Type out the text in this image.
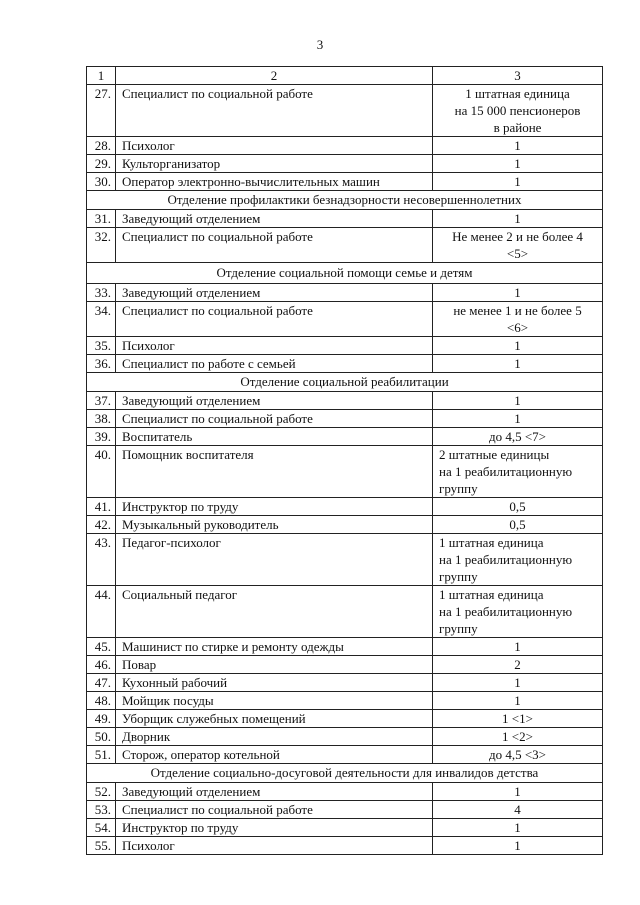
3
1	2	3
27.	Специалист по социальной работе	1 штатная единица
на 15 000 пенсионеров
в районе

28.	Психолог	1

29.	Культорганизатор	1

30.	Оператор электронно-вычислительных машин	1

Отделение профилактики безнадзорности несовершеннолетних		
31.	Заведующий отделением	1

32.	Специалист по социальной работе	Не менее 2 и не более 4
<5>

Отделение социальной помощи семье и детям		
33.	Заведующий отделением	1

34.	Специалист по социальной работе	не менее 1 и не более 5
<6>

35.	Психолог	1

36.	Специалист по работе с семьей	1

Отделение социальной реабилитации		
37.	Заведующий отделением	1

38.	Специалист по социальной работе	1

39.	Воспитатель	до 4,5 <7>

40.	Помощник воспитателя	2 штатные единицы
на 1 реабилитационную
группу

41.	Инструктор по труду	0,5

42.	Музыкальный руководитель	0,5

43.	Педагог-психолог	1 штатная единица
на 1 реабилитационную
группу

44.	Социальный педагог	1 штатная единица
на 1 реабилитационную
группу

45.	Машинист по стирке и ремонту одежды	1

46.	Повар	2

47.	Кухонный рабочий	1

48.	Мойщик посуды	1

49.	Уборщик служебных помещений	1 <1>

50.	Дворник	1 <2>

51.	Сторож, оператор котельной	до 4,5 <3>

Отделение социально-досуговой деятельности для инвалидов детства		
52.	Заведующий отделением	1

53.	Специалист по социальной работе	4

54.	Инструктор по труду	1

55.	Психолог	1
